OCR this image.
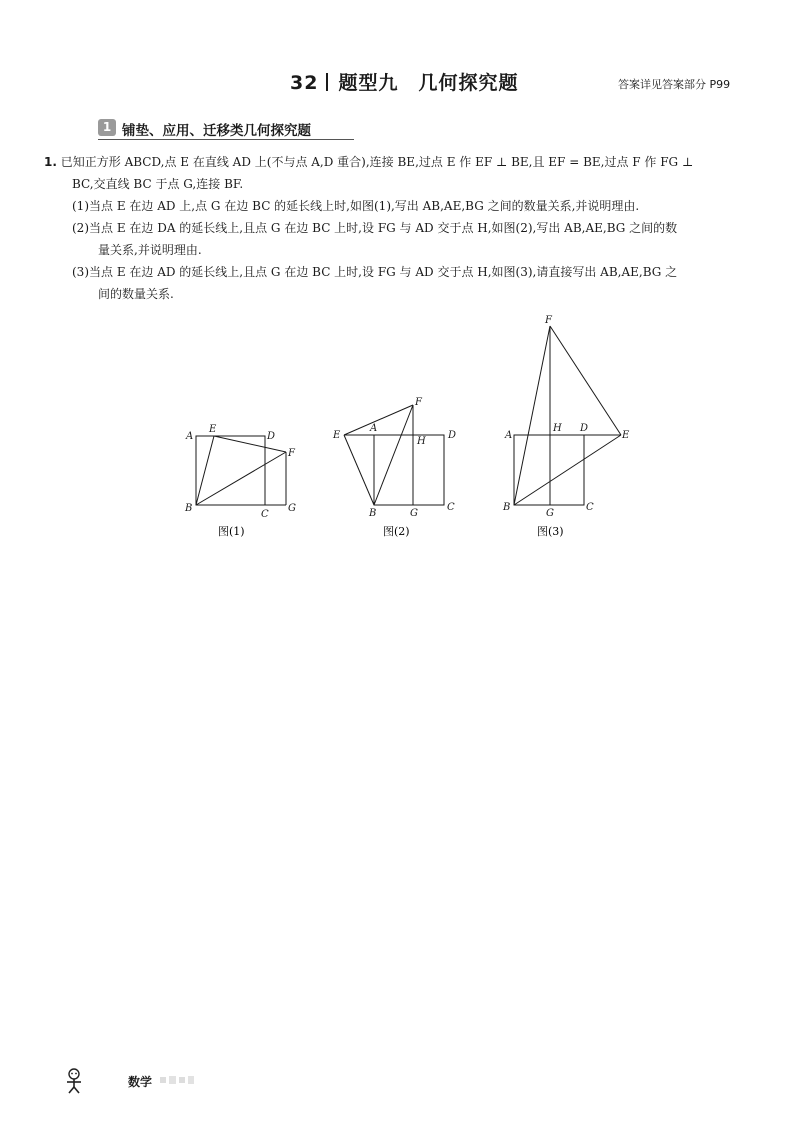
32 题型九　几何探究题	答案详见答案部分 P99
1 铺垫、应用、迁移类几何探究题
1. 已知正方形 ABCD,点 E 在直线 AD 上(不与点 A,D 重合),连接 BE,过点 E 作 EF ⊥ BE,且 EF = BE,过点 F 作 FG ⊥
BC,交直线 BC 于点 G,连接 BF.
(1)当点 E 在边 AD 上,点 G 在边 BC 的延长线上时,如图(1),写出 AB,AE,BG 之间的数量关系,并说明理由.
(2)当点 E 在边 DA 的延长线上,且点 G 在边 BC 上时,设 FG 与 AD 交于点 H,如图(2),写出 AB,AE,BG 之间的数
量关系,并说明理由.
(3)当点 E 在边 AD 的延长线上,且点 G 在边 BC 上时,设 FG 与 AD 交于点 H,如图(3),请直接写出 AB,AE,BG 之
间的数量关系.
A
E
D
F
B
C
G
图(1)
F
E
A
H
D
B	G
C
图(2)
F
A
H D
E
B
G
C
图(3)
数学
